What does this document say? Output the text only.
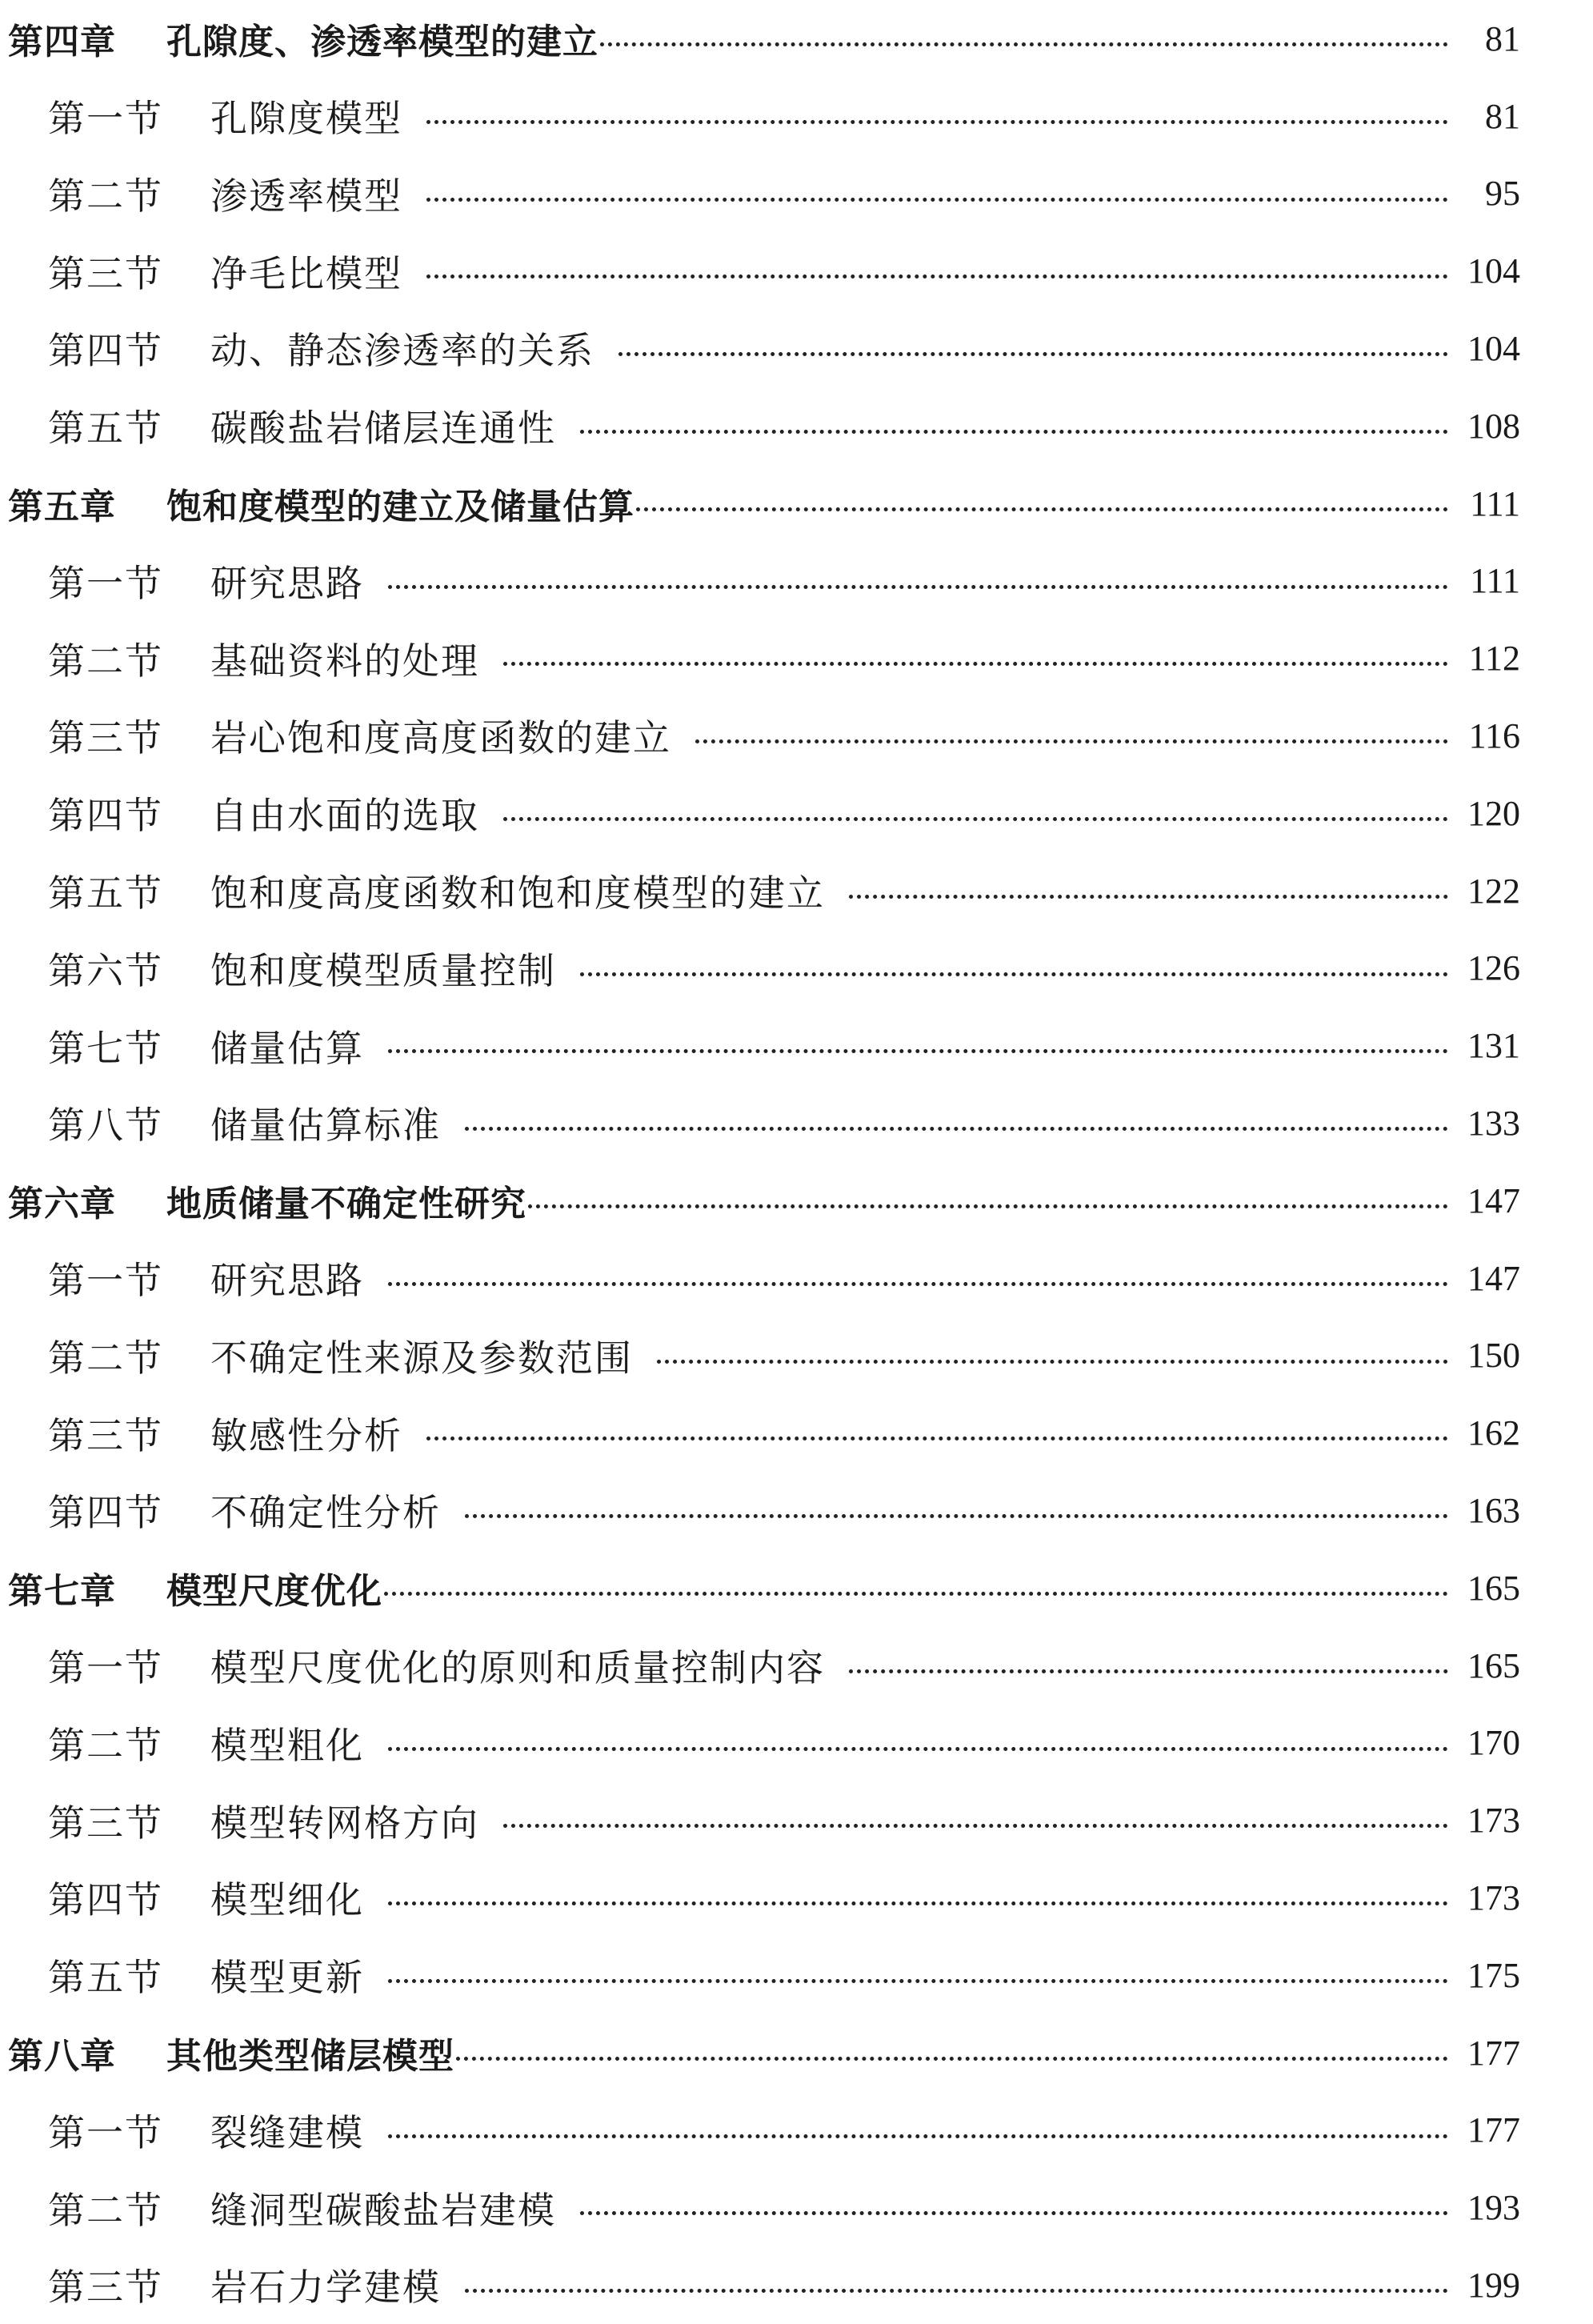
第四章 孔隙度、渗透率模型的建立	81
第一节 孔隙度模型	81
第二节 渗透率模型	95
第三节 净毛比模型	104
第四节 动、静态渗透率的关系	104
第五节 碳酸盐岩储层连通性	108
第五章 饱和度模型的建立及储量估算	111
第一节 研究思路	111
第二节 基础资料的处理	112
第三节 岩心饱和度高度函数的建立	116
第四节 自由水面的选取	120
第五节 饱和度高度函数和饱和度模型的建立	122
第六节 饱和度模型质量控制	126
第七节 储量估算	131
第八节 储量估算标准	133
第六章 地质储量不确定性研究	147
第一节 研究思路	147
第二节 不确定性来源及参数范围	150
第三节 敏感性分析	162
第四节 不确定性分析	163
第七章 模型尺度优化	165
第一节 模型尺度优化的原则和质量控制内容	165
第二节 模型粗化	170
第三节 模型转网格方向	173
第四节 模型细化	173
第五节 模型更新	175
第八章 其他类型储层模型	177
第一节 裂缝建模	177
第二节 缝洞型碳酸盐岩建模	193
第三节 岩石力学建模	199
